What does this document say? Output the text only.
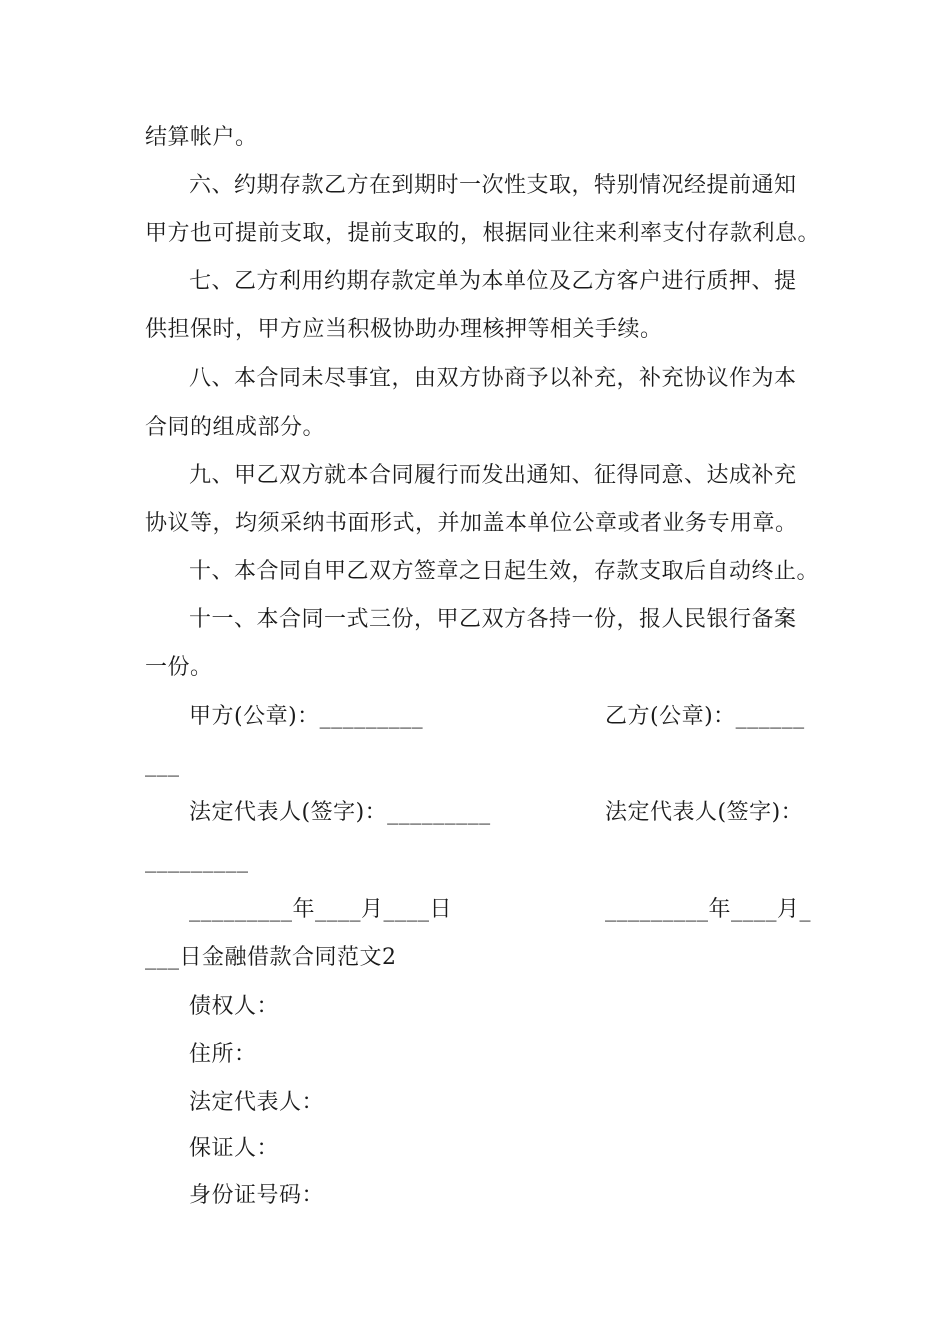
结算帐户。
六、约期存款乙方在到期时一次性支取，特别情况经提前通知
甲方也可提前支取，提前支取的，根据同业往来利率支付存款利息。
七、乙方利用约期存款定单为本单位及乙方客户进行质押、提
供担保时，甲方应当积极协助办理核押等相关手续。
八、本合同未尽事宜，由双方协商予以补充，补充协议作为本
合同的组成部分。
九、甲乙双方就本合同履行而发出通知、征得同意、达成补充
协议等，均须采纳书面形式，并加盖本单位公章或者业务专用章。
十、本合同自甲乙双方签章之日起生效，存款支取后自动终止。
十一、本合同一式三份，甲乙双方各持一份，报人民银行备案
一份。
甲方(公章)：_________	乙方(公章)：______
___
法定代表人(签字)：_________	法定代表人(签字)：
_________
_________年____月____日	_________年____月_
___日金融借款合同范文2
债权人：
住所：
法定代表人：
保证人：
身份证号码：
